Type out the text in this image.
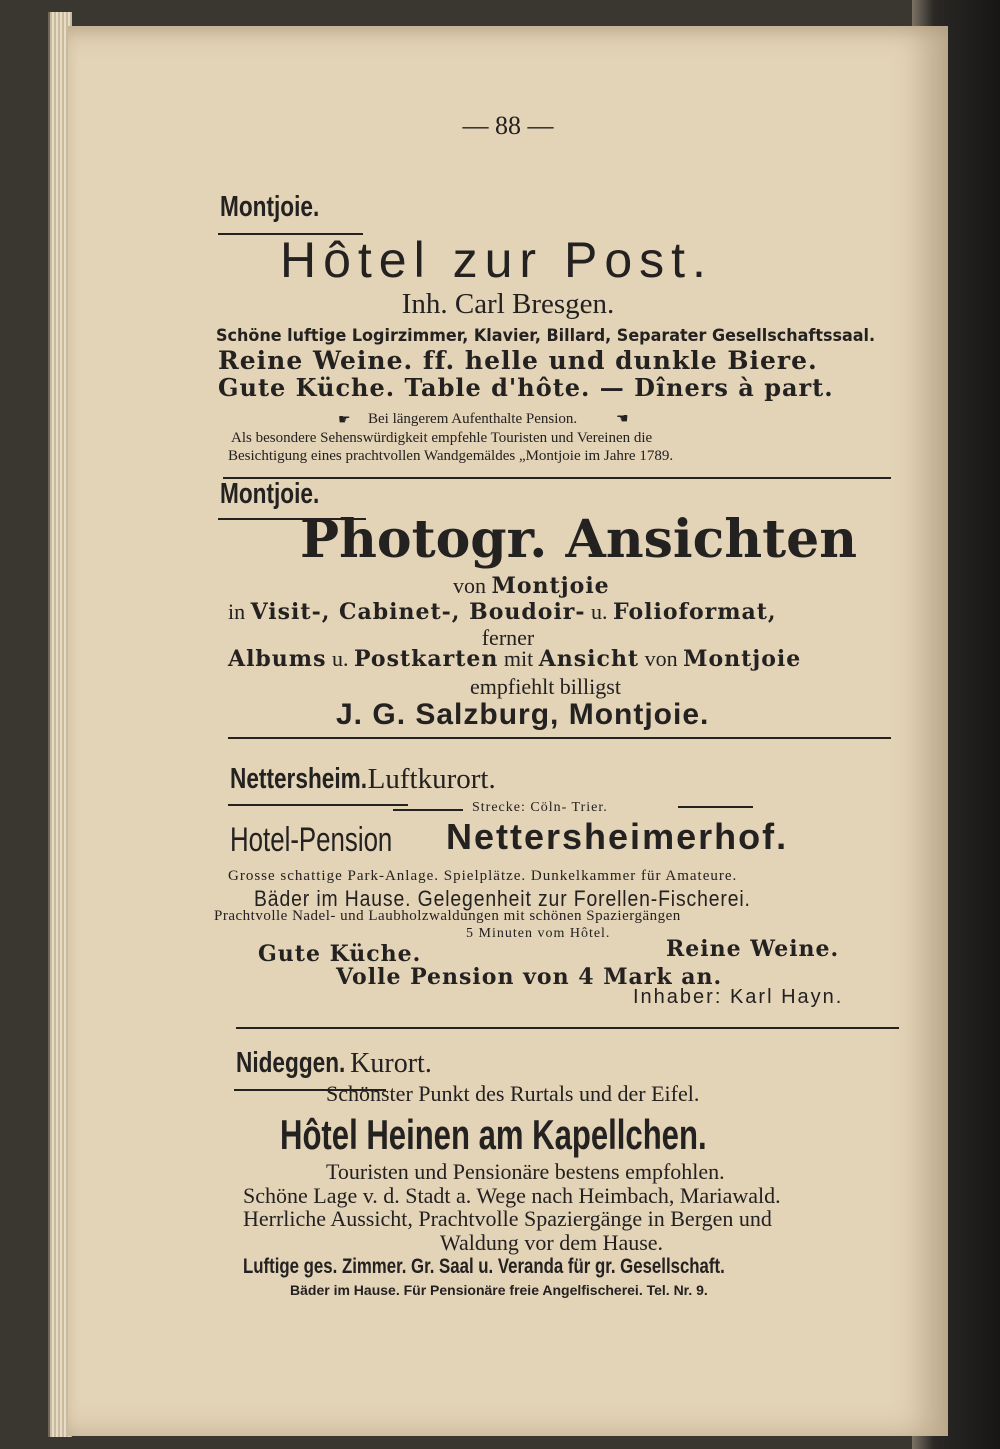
— 88 —
Montjoie.
Hôtel zur Post.
Inh. Carl Bresgen.
Schöne luftige Logirzimmer, Klavier, Billard, Separater Gesellschaftssaal.
Reine Weine. ff. helle und dunkle Biere.
Gute Küche. Table d'hôte. — Dîners à part.
☛ Bei längerem Aufenthalte Pension.	☚
Als besondere Sehenswürdigkeit empfehle Touristen und Vereinen die
Besichtigung eines prachtvollen Wandgemäldes „Montjoie im Jahre 1789.
Montjoie.
Photogr. Ansichten
von Montjoie
in Visit-, Cabinet-, Boudoir- u. Folioformat,
ferner
Albums u. Postkarten mit Ansicht von Montjoie
empfiehlt billigst
J. G. Salzburg, Montjoie.
Nettersheim.Luftkurort.
Strecke: Cöln- Trier.
Hotel-Pension Nettersheimerhof.
Grosse schattige Park-Anlage. Spielplätze. Dunkelkammer für Amateure.
Bäder im Hause. Gelegenheit zur Forellen-Fischerei.
Prachtvolle Nadel- und Laubholzwaldungen mit schönen Spaziergängen
5 Minuten vom Hôtel.
Gute Küche.	Reine Weine.
Volle Pension von 4 Mark an.
Inhaber: Karl Hayn.
Nideggen. Kurort.
Schönster Punkt des Rurtals und der Eifel.
Hôtel Heinen am Kapellchen.
Touristen und Pensionäre bestens empfohlen.
Schöne Lage v. d. Stadt a. Wege nach Heimbach, Mariawald.
Herrliche Aussicht, Prachtvolle Spaziergänge in Bergen und
Waldung vor dem Hause.
Luftige ges. Zimmer. Gr. Saal u. Veranda für gr. Gesellschaft.
Bäder im Hause. Für Pensionäre freie Angelfischerei. Tel. Nr. 9.
